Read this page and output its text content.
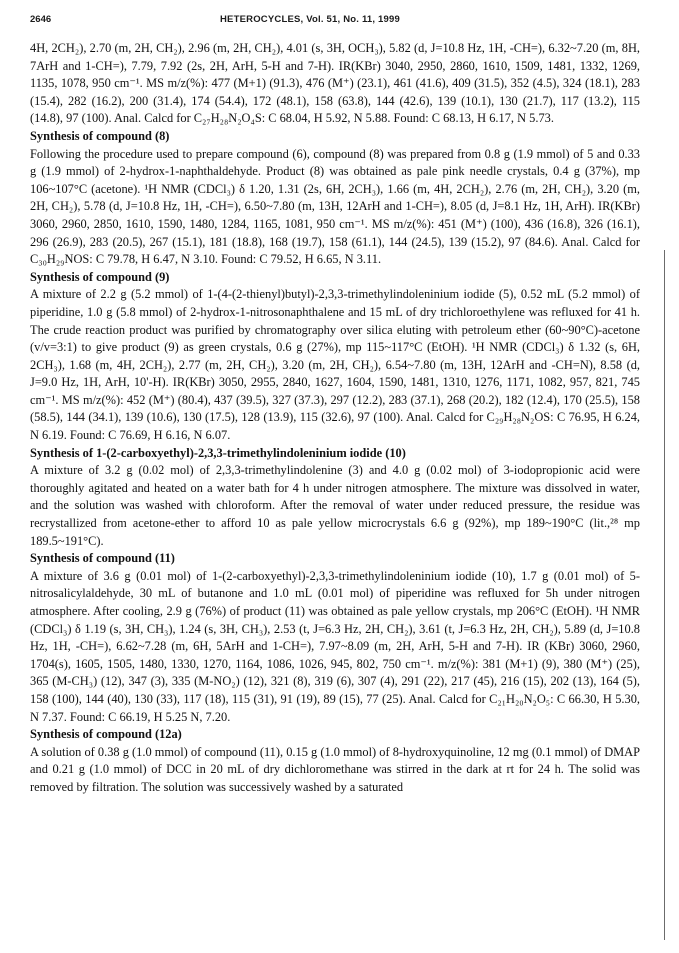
2646	HETEROCYCLES, Vol. 51, No. 11, 1999

4H, 2CH₂), 2.70 (m, 2H, CH₂), 2.96 (m, 2H, CH₂), 4.01 (s, 3H, OCH₃), 5.82 (d, J=10.8 Hz, 1H, -CH=), 6.32~7.20 (m, 8H, 7ArH and 1-CH=), 7.79, 7.92 (2s, 2H, ArH, 5-H and 7-H). IR(KBr) 3040, 2950, 2860, 1610, 1509, 1481, 1332, 1269, 1135, 1078, 950 cm⁻¹. MS m/z(%): 477 (M+1) (91.3), 476 (M⁺) (23.1), 461 (41.6), 409 (31.5), 352 (4.5), 324 (18.1), 283 (15.4), 282 (16.2), 200 (31.4), 174 (54.4), 172 (48.1), 158 (63.8), 144 (42.6), 139 (10.1), 130 (21.7), 117 (13.2), 115 (14.8), 97 (100). Anal. Calcd for C₂₇H₂₈N₂O₄S: C 68.04, H 5.92, N 5.88. Found: C 68.13, H 6.17, N 5.73.

Synthesis of compound (8)

Following the procedure used to prepare compound (6), compound (8) was prepared from 0.8 g (1.9 mmol) of 5 and 0.33 g (1.9 mmol) of 2-hydrox-1-naphthaldehyde. Product (8) was obtained as pale pink needle crystals, 0.4 g (37%), mp 106~107°C (acetone). ¹H NMR (CDCl₃) δ 1.20, 1.31 (2s, 6H, 2CH₃), 1.66 (m, 4H, 2CH₂), 2.76 (m, 2H, CH₂), 3.20 (m, 2H, CH₂), 5.78 (d, J=10.8 Hz, 1H, -CH=), 6.50~7.80 (m, 13H, 12ArH and 1-CH=), 8.05 (d, J=8.1 Hz, 1H, ArH). IR(KBr) 3060, 2960, 2850, 1610, 1590, 1480, 1284, 1165, 1081, 950 cm⁻¹. MS m/z(%): 451 (M⁺) (100), 436 (16.8), 326 (16.1), 296 (26.9), 283 (20.5), 267 (15.1), 181 (18.8), 168 (19.7), 158 (61.1), 144 (24.5), 139 (15.2), 97 (84.6). Anal. Calcd for C₃₀H₂₉NOS: C 79.78, H 6.47, N 3.10. Found: C 79.52, H 6.65, N 3.11.

Synthesis of compound (9)

A mixture of 2.2 g (5.2 mmol) of 1-(4-(2-thienyl)butyl)-2,3,3-trimethylindoleninium iodide (5), 0.52 mL (5.2 mmol) of piperidine, 1.0 g (5.8 mmol) of 2-hydrox-1-nitrosonaphthalene and 15 mL of dry trichloroethylene was refluxed for 41 h. The crude reaction product was purified by chromatography over silica eluting with petroleum ether (60~90°C)-acetone (v/v=3:1) to give product (9) as green crystals, 0.6 g (27%), mp 115~117°C (EtOH). ¹H NMR (CDCl₃) δ 1.32 (s, 6H, 2CH₃), 1.68 (m, 4H, 2CH₂), 2.77 (m, 2H, CH₂), 3.20 (m, 2H, CH₂), 6.54~7.80 (m, 13H, 12ArH and -CH=N), 8.58 (d, J=9.0 Hz, 1H, ArH, 10'-H). IR(KBr) 3050, 2955, 2840, 1627, 1604, 1590, 1481, 1310, 1276, 1171, 1082, 957, 821, 745 cm⁻¹. MS m/z(%): 452 (M⁺) (80.4), 437 (39.5), 327 (37.3), 297 (12.2), 283 (37.1), 268 (20.2), 182 (12.4), 170 (25.5), 158 (58.5), 144 (34.1), 139 (10.6), 130 (17.5), 128 (13.9), 115 (32.6), 97 (100). Anal. Calcd for C₂₉H₂₈N₂OS: C 76.95, H 6.24, N 6.19. Found: C 76.69, H 6.16, N 6.07.

Synthesis of 1-(2-carboxyethyl)-2,3,3-trimethylindoleninium iodide (10)

A mixture of 3.2 g (0.02 mol) of 2,3,3-trimethylindolenine (3) and 4.0 g (0.02 mol) of 3-iodopropionic acid were thoroughly agitated and heated on a water bath for 4 h under nitrogen atmosphere. The mixture was dissolved in water, and the solution was washed with chloroform. After the removal of water under reduced pressure, the residue was recrystallized from acetone-ether to afford 10 as pale yellow microcrystals 6.6 g (92%), mp 189~190°C (lit.,²⁸ mp 189.5~191°C).

Synthesis of compound (11)

A mixture of 3.6 g (0.01 mol) of 1-(2-carboxyethyl)-2,3,3-trimethylindoleninium iodide (10), 1.7 g (0.01 mol) of 5-nitrosalicylaldehyde, 30 mL of butanone and 1.0 mL (0.01 mol) of piperidine was refluxed for 5h under nitrogen atmosphere. After cooling, 2.9 g (76%) of product (11) was obtained as pale yellow crystals, mp 206°C (EtOH). ¹H NMR (CDCl₃) δ 1.19 (s, 3H, CH₃), 1.24 (s, 3H, CH₃), 2.53 (t, J=6.3 Hz, 2H, CH₂), 3.61 (t, J=6.3 Hz, 2H, CH₂), 5.89 (d, J=10.8 Hz, 1H, -CH=), 6.62~7.28 (m, 6H, 5ArH and 1-CH=), 7.97~8.09 (m, 2H, ArH, 5-H and 7-H). IR (KBr) 3060, 2960, 1704(s), 1605, 1505, 1480, 1330, 1270, 1164, 1086, 1026, 945, 802, 750 cm⁻¹. m/z(%): 381 (M+1) (9), 380 (M⁺) (25), 365 (M-CH₃) (12), 347 (3), 335 (M-NO₂) (12), 321 (8), 319 (6), 307 (4), 291 (22), 217 (45), 216 (15), 202 (13), 164 (5), 158 (100), 144 (40), 130 (33), 117 (18), 115 (31), 91 (19), 89 (15), 77 (25). Anal. Calcd for C₂₁H₂₀N₂O₅: C 66.30, H 5.30, N 7.37. Found: C 66.19, H 5.25 N, 7.20.

Synthesis of compound (12a)

A solution of 0.38 g (1.0 mmol) of compound (11), 0.15 g (1.0 mmol) of 8-hydroxyquinoline, 12 mg (0.1 mmol) of DMAP and 0.21 g (1.0 mmol) of DCC in 20 mL of dry dichloromethane was stirred in the dark at rt for 24 h. The solid was removed by filtration. The solution was successively washed by a saturated
